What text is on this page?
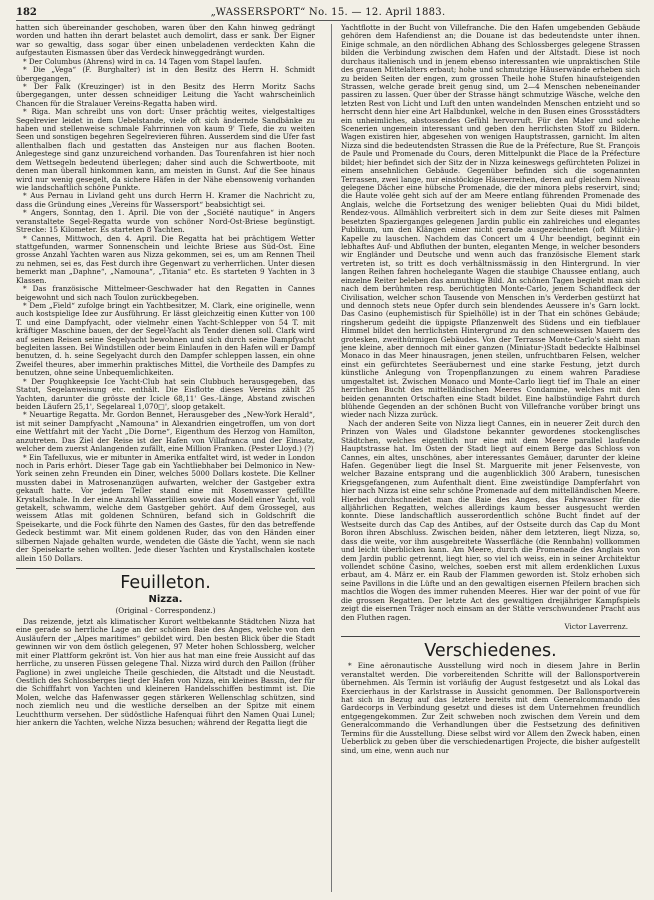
182	„WASSERSPORT“ No. 15. — 12. April 1883.

hatten sich übereinander geschoben, waren über den Kahn hinweg gedrängt worden und hatten ihn derart belastet auch demolirt, dass er sank. Der Eigner war so gewaltig, dass sogar über einen unbeladenen verdeckten Kahn die aufgestauten Eismassen über das Verdeck hinweggedrängt wurden.

* Der Columbus (Ahrens) wird in ca. 14 Tagen vom Stapel laufen.

* Die „Vega“ (F. Burghalter) ist in den Besitz des Herrn H. Schmidt übergegangen,

* Der Falk (Kreuzinger) ist in den Besitz des Herrn Moritz Sachs übergegangen, unter dessen schneidiger Leitung die Yacht wahrscheinlich Chancen für die Stralauer Vereins-Regatta haben wird.

* Riga. Man schreibt uns von dort: Unser prächtig weites, vielgestaltiges Segelrevier leidet in dem Uebelstande, viele oft sich ändernde Sandbänke zu haben und stellenweise schmale Fahrrinnen von kaum 9' Tiefe, die zu weiten Seen und sonstigen begehren Segelrevieren führen. Ausserdem sind die Ufer fast allenthalben flach und gestatten das Ansteigen nur aus flachen Booten. Anlegestege sind ganz unzureichend vorhanden. Das Tourenfahren ist hier noch dem Wettsegeln bedeutend überlegen; daher sind auch die Schwertboote, mit denen man überall hinkommen kann, am meisten in Gunst. Auf die See hinaus wird nur wenig gesegelt, da sichere Häfen in der Nähe ebensowenig vorhanden wie landschaftlich schöne Punkte.

* Aus Pernau in Livland geht uns durch Herrn H. Kramer die Nachricht zu, dass die Gründung eines „Vereins für Wassersport“ beabsichtigt sei.

* Angers, Sonntag, den 1. April. Die von der „Société nautique“ in Angers veranstaltete Segel-Regatta wurde von schöner Nord-Ost-Briese begünstigt. Strecke: 15 Kilometer. Es starteten 8 Yachten.

* Cannes, Mittwoch, den 4. April. Die Regatta hat bei prächtigem Wetter stattgefunden, warmer Sonnenschein und leichte Briese aus Süd-Ost. Eine grosse Anzahl Yachten waren aus Nizza gekommen, sei es, um am Rennen Theil zu nehmen, sei es, das Fest durch ihre Gegenwart zu verherrlichen. Unter diesen bemerkt man „Daphne“, „Namouna“, „Titania“ etc. Es starteten 9 Yachten in 3 Klassen.

* Das französische Mittelmeer-Geschwader hat den Regatten in Cannes beigewohnt und sich nach Toulon zurückbegeben.

* Dem „Field“ zufolge bringt ein Yachtbesitzer, M. Clark, eine originelle, wenn auch kostspielige Idee zur Ausführung. Er lässt gleichzeitig einen Kutter von 100 T. und eine Dampfyacht, oder vielmehr einen Yacht-Schlepper von 54 T. mit kräftiger Maschine bauen, der der Segel-Yacht als Tender dienen soll. Clark wird auf seinen Reisen seine Segelyacht bewohnen und sich durch seine Dampfyacht begleiten lassen. Bei Windstillen oder beim Einlaufen in den Hafen will er Dampf benutzen, d. h. seine Segelyacht durch den Dampfer schleppen lassen, ein ohne Zweifel theures, aber immerhin praktisches Mittel, die Vortheile des Dampfes zu benutzen, ohne seine Unbequemlichkeiten.

* Der Poughkeepsie Ice Yacht-Club hat sein Clubbuch herausgegeben, das Statut, Segelanweisung etc. enthält. Die Eisflotte dieses Vereins zählt 25 Yachten, darunter die grösste der Icicle 68,11' Ges.-Länge, Abstand zwischen beiden Läufern 25,1', Segelareal 1,070□', sloop getakelt.

* Neuartige Regatta. Mr. Gordon Bennet, Herausgeber des „New-York Herald“, ist mit seiner Dampfyacht „Namouna“ in Alexandrien eingetroffen, um von dort eine Wettfahrt mit der Yacht „Die Dorne“, Eigenthum des Herzog von Hamilton, anzutreten. Das Ziel der Reise ist der Hafen von Villafranca und der Einsatz, welcher dem zuerst Anlangenden zufällt, eine Million Franken. (Pester Lloyd.) (?)

* Ein Tafelluxus, wie er mitunter in Amerika entfaltet wird, ist weder in London noch in Paris erhört. Dieser Tage gab ein Yachtliebhaber bei Delmonico in New-York seinen zehn Freunden ein Diner, welches 5000 Dollars kostete. Die Kellner mussten dabei in Matrosenanzügen aufwarten, welcher der Gastgeber extra gekauft hatte. Vor jedem Teller stand eine mit Rosenwasser gefüllte Krystallschale. In der eine Anzahl Wasserlilien sowie das Modell einer Yacht, voll getakelt, schwamm, welche dem Gastgeber gehört. Auf dem Grossegel, aus weissem Atlas mit goldenen Schnüren, befand sich in Goldschrift die Speisekarte, und die Fock führte den Namen des Gastes, für den das betreffende Gedeck bestimmt war. Mit einem goldenen Ruder, das von den Händen einer silbernen Najade gehalten wurde, wendeten die Gäste die Yacht, wenn sie nach der Speisekarte sehen wollten. Jede dieser Yachten und Krystallschalen kostete allein 150 Dollars.

Feuilleton.
Nizza.
(Original - Correspondenz.)

Das reizende, jetzt als klimatischer Kurort weltbekannte Städtchen Nizza hat eine gerade so herrliche Lage an der schönen Baie des Anges, welche von den Ausläufern der „Alpes maritimes“ gebildet wird. Den besten Blick über die Stadt gewinnen wir von dem östlich gelegenen, 97 Meter hohen Schlossberg, welcher mit einer Plattform gekrönt ist. Von hier aus hat man eine freie Aussicht auf das herrliche, zu unseren Füssen gelegene Thal. Nizza wird durch den Paillon (früher Paglione) in zwei ungleiche Theile geschieden, die Altstadt und die Neustadt. Oestlich des Schlossberges liegt der Hafen von Nizza, ein kleines Bassin, der für die Schifffahrt von Yachten und kleineren Handelsschiffen bestimmt ist. Die Molen, welche das Hafenwasser gegen stärkeren Wellenschlag schützen, sind noch ziemlich neu und die westliche derselben an der Spitze mit einem Leuchtthurm versehen. Der südöstliche Hafenquai führt den Namen Quai Lunel; hier ankern die Yachten, welche Nizza besuchen; während der Regatta liegt die

Yachtflotte in der Bucht von Villefranche. Die den Hafen umgebenden Gebäude gehören dem Hafendienst an; die Douane ist das bedeutendste unter ihnen. Einige schmale, an den nördlichen Abhang des Schlossberges gelegene Strassen bilden die Verbindung zwischen dem Hafen und der Altstadt. Diese ist noch durchaus italienisch und in jenem ebenso interessanten wie unpraktischen Stile des grauen Mittelalters erbaut; hohe und schmutzige Häuserwände erheben sich zu beiden Seiten der engen, zum grossen Theile hohe Stufen hinaufsteigenden Strassen, welche gerade breit genug sind, um 2—4 Menschen nebeneinander passiren zu lassen. Quer über der Strasse hängt schmutzige Wäsche, welche den letzten Rest von Licht und Luft den unten wandelnden Menschen entzieht und so herrscht denn hier eine Art Halbdunkel, welche in den Busen eines Grossstädters ein unheimliches, abstossendes Gefühl hervorruft. Für den Maler und solche Scenerien ungemein interessant und geben den herrlichsten Stoff zu Bildern. Wagen existiren hier, abgesehen von wenigen Hauptstrassen, garnicht. Im alten Nizza sind die bedeutendsten Strassen die Rue de la Préfecture, Rue St. François de Paule und Promenade du Cours, deren Mittelpunkt die Place de la Préfecture bildet; hier befindet sich der Sitz der in Nizza keineswegs gefürchteten Polizei in einem ansehnlichen Gebäude. Gegenüber befinden sich die sogenannten Terrassen, zwei lange, nur einstöckige Häuserreihen, deren auf gleichem Niveau gelegene Dächer eine hübsche Promenade, die der minora plebs reservirt, sind; die Haute volée geht sich auf der am Meere entlang führenden Promenade des Anglais, welche die Fortsetzung des weniger beliebten Quai du Midi bildet, Rendez-vous. Allmählich verbreitert sich in dem zur Seite dieses mit Palmen besetzten Spazierganges gelegenen Jardin public ein zahlreiches und elegantes Publikum, um den Klängen einer nicht gerade ausgezeichneten (oft Militär-) Kapelle zu lauschen. Nachdem das Concert um 4 Uhr beendigt, beginnt ein lebhaftes Auf- und Abfluthen der bunten, eleganten Menge, in welcher besonders wir Engländer und Deutsche und wenn auch das französische Element stark vertreten ist, so tritt es doch verhältnissmässig in den Hintergrund. In vier langen Reihen fahren hochelegante Wagen die staubige Chaussee entlang, auch einzelne Reiter beleben das anmuthige Bild. An schönen Tagen begiebt man sich nach dem berühmten resp. berüchtigten Monte-Carlo, jenem Schandfleck der Civilisation, welcher schon Tausende von Menschen in's Verderben gestürzt hat und dennoch stets neue Opfer durch sein blendendes Aeussere in's Garn lockt. Das Casino (euphemistisch für Spielhölle) ist in der That ein schönes Gebäude; ringsherum gedeiht die üppigste Pflanzenwelt des Südens und ein tiefblauer Himmel bildet den herrlichsten Hintergrund zu den schneeweissen Mauern des grotesken, zweithürmigen Gebäudes. Von der Terrasse Monte-Carlo's sieht man jene kleine, aber dennoch mit einer ganzen (Miniatur-)Stadt bedeckte Halbinsel Monaco in das Meer hinausragen, jenen steilen, unfruchtbaren Felsen, welcher einst ein gefürchtetes Seeräubernest und eine starke Festung, jetzt durch künstliche Anlegung von Tropenpflanzungen zu einem wahren Paradiese umgestaltet ist. Zwischen Monaco und Monte-Carlo liegt tief im Thale an einer herrlichen Bucht des mittelländischen Meeres Condamine, welches mit den beiden genannten Ortschaften eine Stadt bildet. Eine halbstündige Fahrt durch blühende Gegenden an der schönen Bucht von Villefranche vorüber bringt uns wieder nach Nizza zurück.

Nach der anderen Seite von Nizza liegt Cannes, ein in neuerer Zeit durch den Prinzen von Wales und Gladstone bekannter gewordenes stockenglisches Städtchen, welches eigentlich nur eine mit dem Meere parallel laufende Hauptstrasse hat. Im Osten der Stadt liegt auf einem Berge das Schloss von Cannes, ein altes, unschönes, aber interessantes Gemäuer, darunter der kleine Hafen. Gegenüber liegt die Insel St. Marguerite mit jener Felsenveste, von welcher Bazaine entsprang und die augenblicklich 300 Arabern, tunesischen Kriegsgefangenen, zum Aufenthalt dient. Eine zweistündige Dampferfahrt von hier nach Nizza ist eine sehr schöne Promenade auf dem mittelländischen Meere. Hierbei durchschneidet man die Baie des Anges, das Fahrwasser für die alljährlichen Regatten, welches allerdings kaum besser ausgesucht werden konnte. Diese landschaftlich ausserordentlich schöne Bucht findet auf der Westseite durch das Cap des Antibes, auf der Ostseite durch das Cap du Mont Boron ihren Abschluss. Zwischen beiden, näher dem letzteren, liegt Nizza, so, dass die weite, vor ihm ausgebreitete Wasserfläche (die Rennbahn) vollkommen und leicht überblicken kann. Am Meere, durch die Promenade des Anglais von dem Jardin public getrennt, liegt hier, so viel ich weiss, ein in seiner Architektur vollendet schöne Casino, welches, soeben erst mit allem erdenklichen Luxus erbaut, am 4. März er. ein Raub der Flammen geworden ist. Stolz erhoben sich seine Pavillons in die Lüfte und an den gewaltigen eisernen Pfeilern brachen sich machtlos die Wogen des immer ruhenden Meeres. Hier war der point of vue für die grossen Regatten. Der letzte Act des gewaltigen dreijähriger Kampfspiels zeigt die eisernen Träger noch einsam an der Stätte verschwundener Pracht aus den Fluthen ragen.

Victor Laverrenz.
Verschiedenes.

* Eine aëronautische Ausstellung wird noch in diesem Jahre in Berlin veranstaltet werden. Die vorbereitenden Schritte will der Ballonsportverein übernehmen. Als Termin ist vorläufig der August festgesetzt und als Lokal das Exercierhaus in der Karlstrasse in Aussicht genommen. Der Ballonsportverein hat sich in Bezug auf das letztere bereits mit dem Generalcommando des Gardecorps in Verbindung gesetzt und dieses ist dem Unternehmen freundlich entgegengekommen. Zur Zeit schweben noch zwischen dem Verein und dem Generalcommando die Verhandlungen über die Festsetzung des definitiven Termins für die Ausstellung. Diese selbst wird vor Allem den Zweck haben, einen Ueberblick zu geben über die verschiedenartigen Projecte, die bisher aufgestellt sind, um eine, wenn auch nur
